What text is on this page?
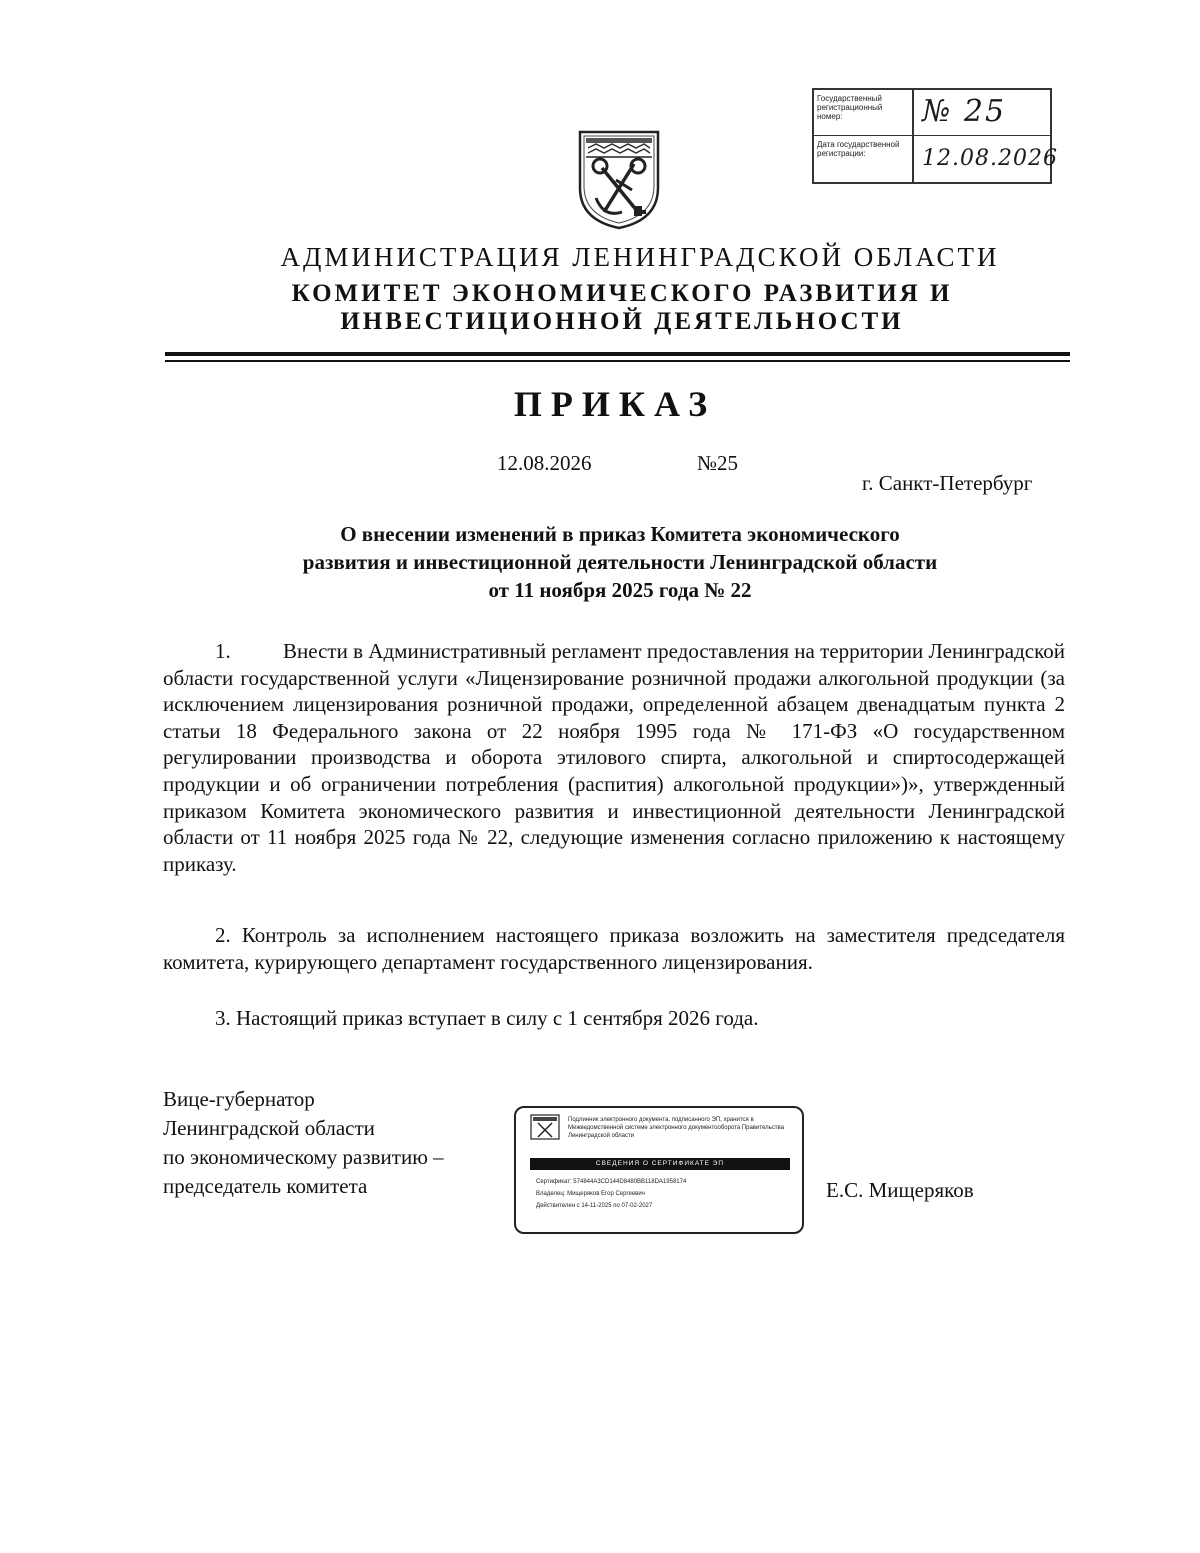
Государственный регистрационный номер:	№ 25
Дата государственной регистрации:	12.08.2026
АДМИНИСТРАЦИЯ ЛЕНИНГРАДСКОЙ ОБЛАСТИ
КОМИТЕТ ЭКОНОМИЧЕСКОГО РАЗВИТИЯ И
ИНВЕСТИЦИОННОЙ ДЕЯТЕЛЬНОСТИ
ПРИКАЗ
12.08.2026	№25
г. Санкт-Петербург
О внесении изменений в приказ Комитета экономического
развития и инвестиционной деятельности Ленинградской области
от 11 ноября 2025 года № 22
1. Внести в Административный регламент предоставления на территории Ленинградской области государственной услуги «Лицензирование розничной продажи алкогольной продукции (за исключением лицензирования розничной продажи, определенной абзацем двенадцатым пункта 2 статьи 18 Федерального закона от 22 ноября 1995 года № 171-ФЗ «О государственном регулировании производства и оборота этилового спирта, алкогольной и спиртосодержащей продукции и об ограничении потребления (распития) алкогольной продукции»)», утвержденный приказом Комитета экономического развития и инвестиционной деятельности Ленинградской области от 11 ноября 2025 года № 22, следующие изменения согласно приложению к настоящему приказу.
2. Контроль за исполнением настоящего приказа возложить на заместителя председателя комитета, курирующего департамент государственного лицензирования.
3. Настоящий приказ вступает в силу с 1 сентября 2026 года.
Вице-губернатор
Ленинградской области
по экономическому развитию –
председатель комитета
Подлинник электронного документа, подписанного ЭП, хранится в Межведомственной системе электронного документооборота Правительства Ленинградской области
СВЕДЕНИЯ О СЕРТИФИКАТЕ ЭП
Сертификат: 574844A3CD144D8480BB118DA1958174
Владелец: Мищеряков Егор Сергеевич
Действителен с 14-11-2025 по 07-02-2027
Е.С. Мищеряков
